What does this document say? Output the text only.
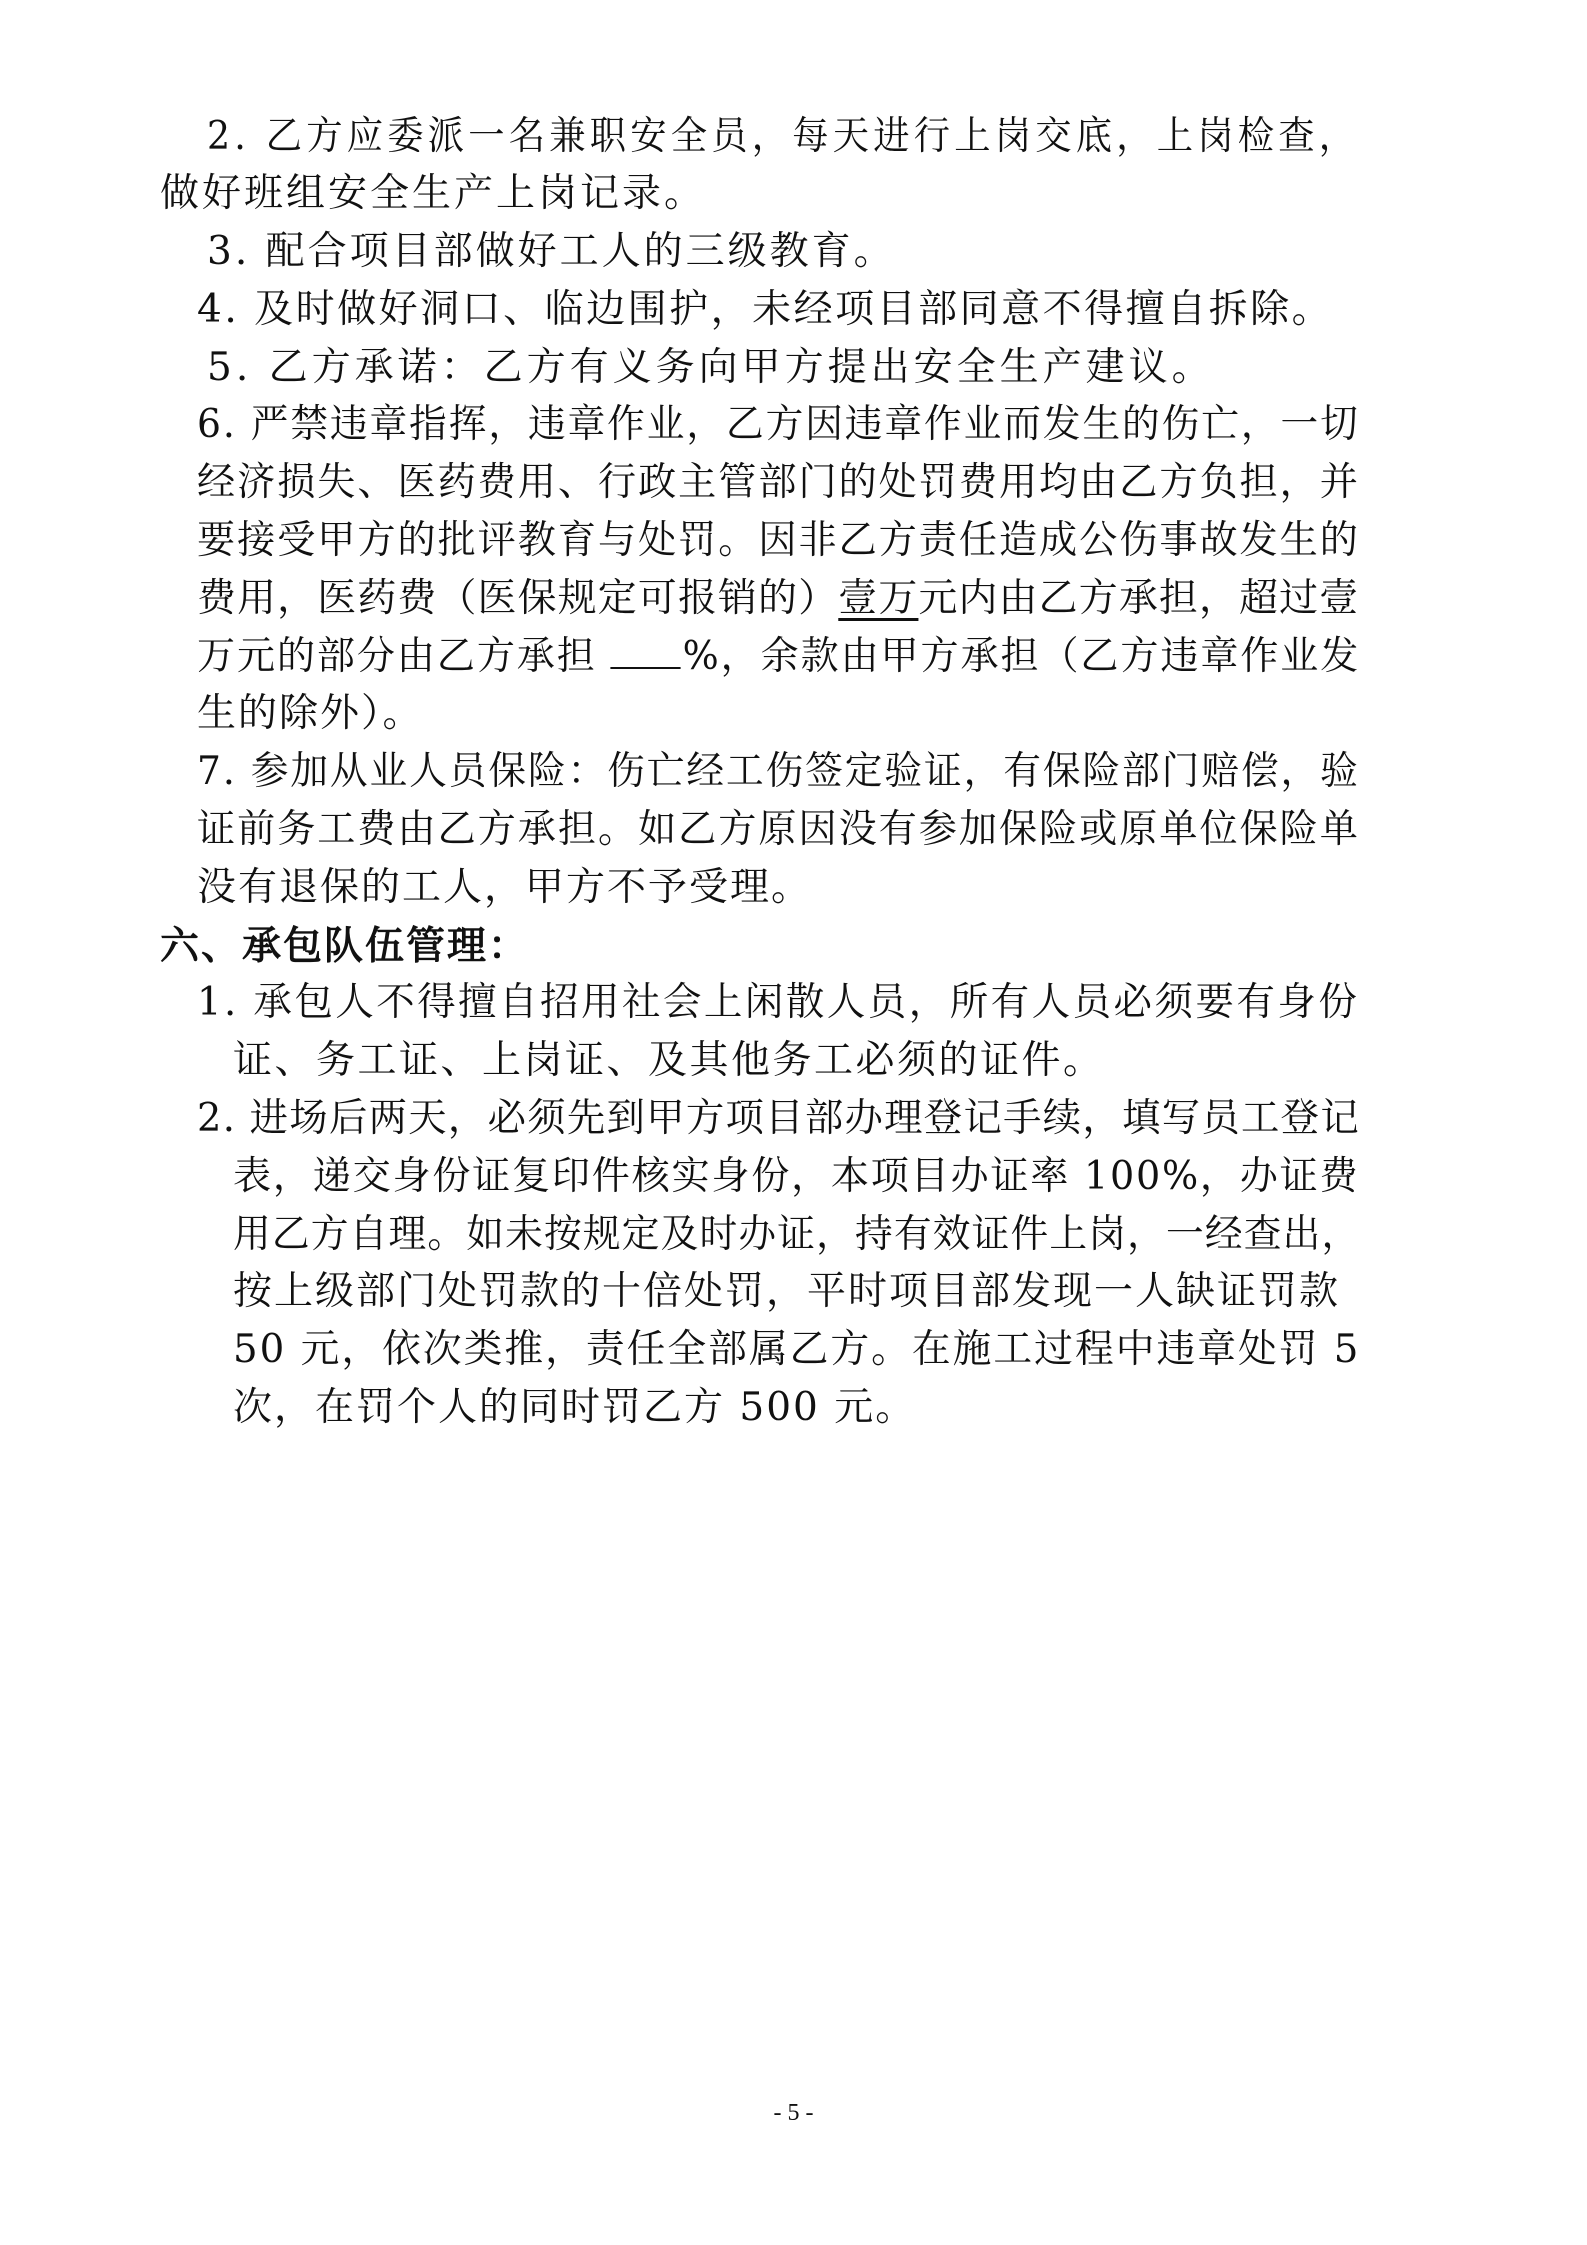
2. 乙方应委派一名兼职安全员，每天进行上岗交底，上岗检查，
做好班组安全生产上岗记录。
3. 配合项目部做好工人的三级教育。
4. 及时做好洞口、临边围护，未经项目部同意不得擅自拆除。
5. 乙方承诺：乙方有义务向甲方提出安全生产建议。
6. 严禁违章指挥，违章作业，乙方因违章作业而发生的伤亡，一切
经济损失、医药费用、行政主管部门的处罚费用均由乙方负担，并
要接受甲方的批评教育与处罚。因非乙方责任造成公伤事故发生的
费用，医药费（医保规定可报销的）壹万元内由乙方承担，超过壹
万元的部分由乙方承担 %，余款由甲方承担（乙方违章作业发
生的除外）。
7. 参加从业人员保险：伤亡经工伤签定验证，有保险部门赔偿，验
证前务工费由乙方承担。如乙方原因没有参加保险或原单位保险单
没有退保的工人，甲方不予受理。
六、承包队伍管理：
1. 承包人不得擅自招用社会上闲散人员，所有人员必须要有身份
证、务工证、上岗证、及其他务工必须的证件。
2. 进场后两天，必须先到甲方项目部办理登记手续，填写员工登记
表，递交身份证复印件核实身份，本项目办证率 100%，办证费
用乙方自理。如未按规定及时办证，持有效证件上岗，一经查出，
按上级部门处罚款的十倍处罚，平时项目部发现一人缺证罚款
50 元，依次类推，责任全部属乙方。在施工过程中违章处罚 5
次，在罚个人的同时罚乙方 500 元。
- 5 -
